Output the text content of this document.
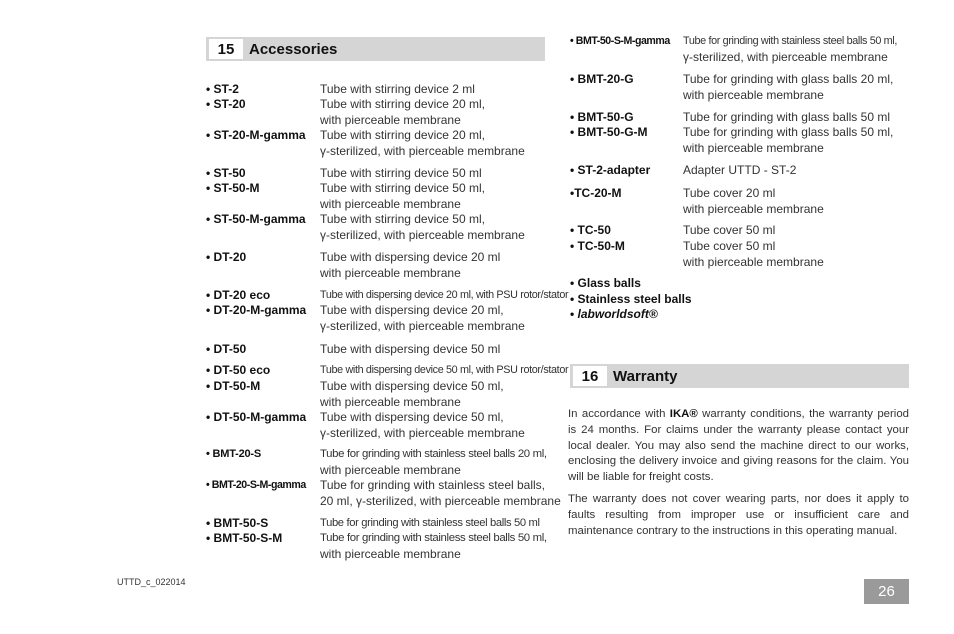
15 Accessories
• ST-2	Tube with stirring device 2 ml
• ST-20	Tube with stirring device 20 ml,
with pierceable membrane
• ST-20-M-gamma Tube with stirring device 20 ml,
γ-sterilized, with pierceable membrane
• ST-50	Tube with stirring device 50 ml
• ST-50-M	Tube with stirring device 50 ml,
with pierceable membrane
• ST-50-M-gamma Tube with stirring device 50 ml,
γ-sterilized, with pierceable membrane
• DT-20	Tube with dispersing device 20 ml
with pierceable membrane
• DT-20 eco	Tube with dispersing device 20 ml, with PSU rotor/stator
• DT-20-M-gamma Tube with dispersing device 20 ml,
γ-sterilized, with pierceable membrane
• DT-50	Tube with dispersing device 50 ml
• DT-50 eco	Tube with dispersing device 50 ml, with PSU rotor/stator
• DT-50-M	Tube with dispersing device 50 ml,
with pierceable membrane
• DT-50-M-gamma Tube with dispersing device 50 ml,
γ-sterilized, with pierceable membrane
• BMT-20-S	Tube for grinding with stainless steel balls 20 ml,
with pierceable membrane
• BMT-20-S-M-gamma Tube for grinding with stainless steel balls,
20 ml, γ-sterilized, with pierceable membrane
• BMT-50-S	Tube for grinding with stainless steel balls 50 ml
• BMT-50-S-M	Tube for grinding with stainless steel balls 50 ml,
with pierceable membrane
• BMT-50-S-M-gamma Tube for grinding with stainless steel balls 50 ml,
γ-sterilized, with pierceable membrane
• BMT-20-G	Tube for grinding with glass balls 20 ml,
with pierceable membrane
• BMT-50-G	Tube for grinding with glass balls 50 ml
• BMT-50-G-M	Tube for grinding with glass balls 50 ml,
with pierceable membrane
• ST-2-adapter	Adapter UTTD - ST-2
•TC-20-M	Tube cover 20 ml
with pierceable membrane
• TC-50	Tube cover 50 ml
• TC-50-M	Tube cover 50 ml
with pierceable membrane
• Glass balls
• Stainless steel balls
• labworldsoft®
16 Warranty
In accordance with IKA® warranty conditions, the warranty period is 24 months. For claims under the warranty please contact your local dealer. You may also send the machine direct to our works, enclosing the delivery invoice and giving reasons for the claim. You will be liable for freight costs.
The warranty does not cover wearing parts, nor does it apply to faults resulting from improper use or insufficient care and maintenance contrary to the instructions in this operating manual.
UTTD_c_022014
26
